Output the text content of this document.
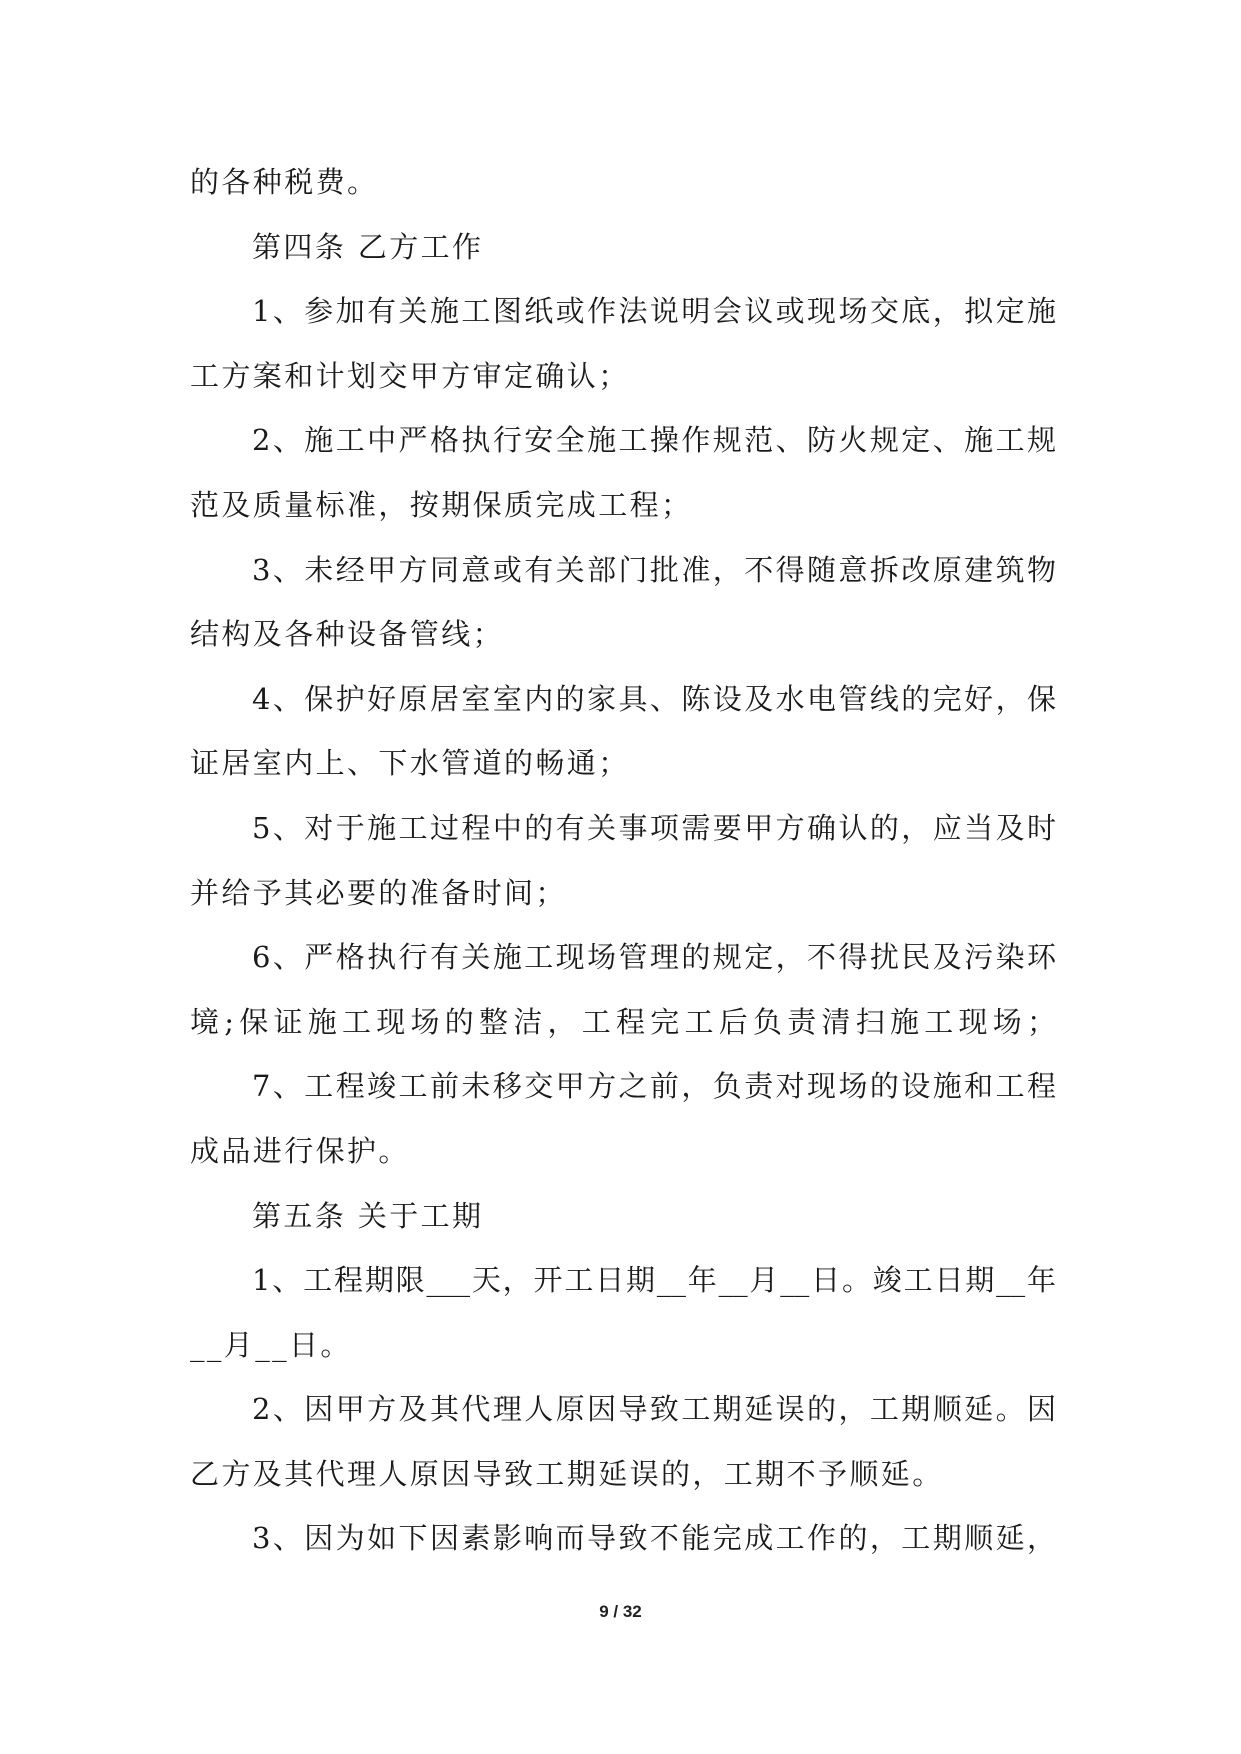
的各种税费。
第四条 乙方工作
1、参加有关施工图纸或作法说明会议或现场交底，拟定施
工方案和计划交甲方审定确认；
2、施工中严格执行安全施工操作规范、防火规定、施工规
范及质量标准，按期保质完成工程；
3、未经甲方同意或有关部门批准，不得随意拆改原建筑物
结构及各种设备管线；
4、保护好原居室室内的家具、陈设及水电管线的完好，保
证居室内上、下水管道的畅通；
5、对于施工过程中的有关事项需要甲方确认的，应当及时
并给予其必要的准备时间；
6、严格执行有关施工现场管理的规定，不得扰民及污染环
境;保证施工现场的整洁，工程完工后负责清扫施工现场；
7、工程竣工前未移交甲方之前，负责对现场的设施和工程
成品进行保护。
第五条 关于工期
1、工程期限___天，开工日期__年__月__日。竣工日期__年
__月__日。
2、因甲方及其代理人原因导致工期延误的，工期顺延。因
乙方及其代理人原因导致工期延误的，工期不予顺延。
3、因为如下因素影响而导致不能完成工作的，工期顺延，
9 / 32
